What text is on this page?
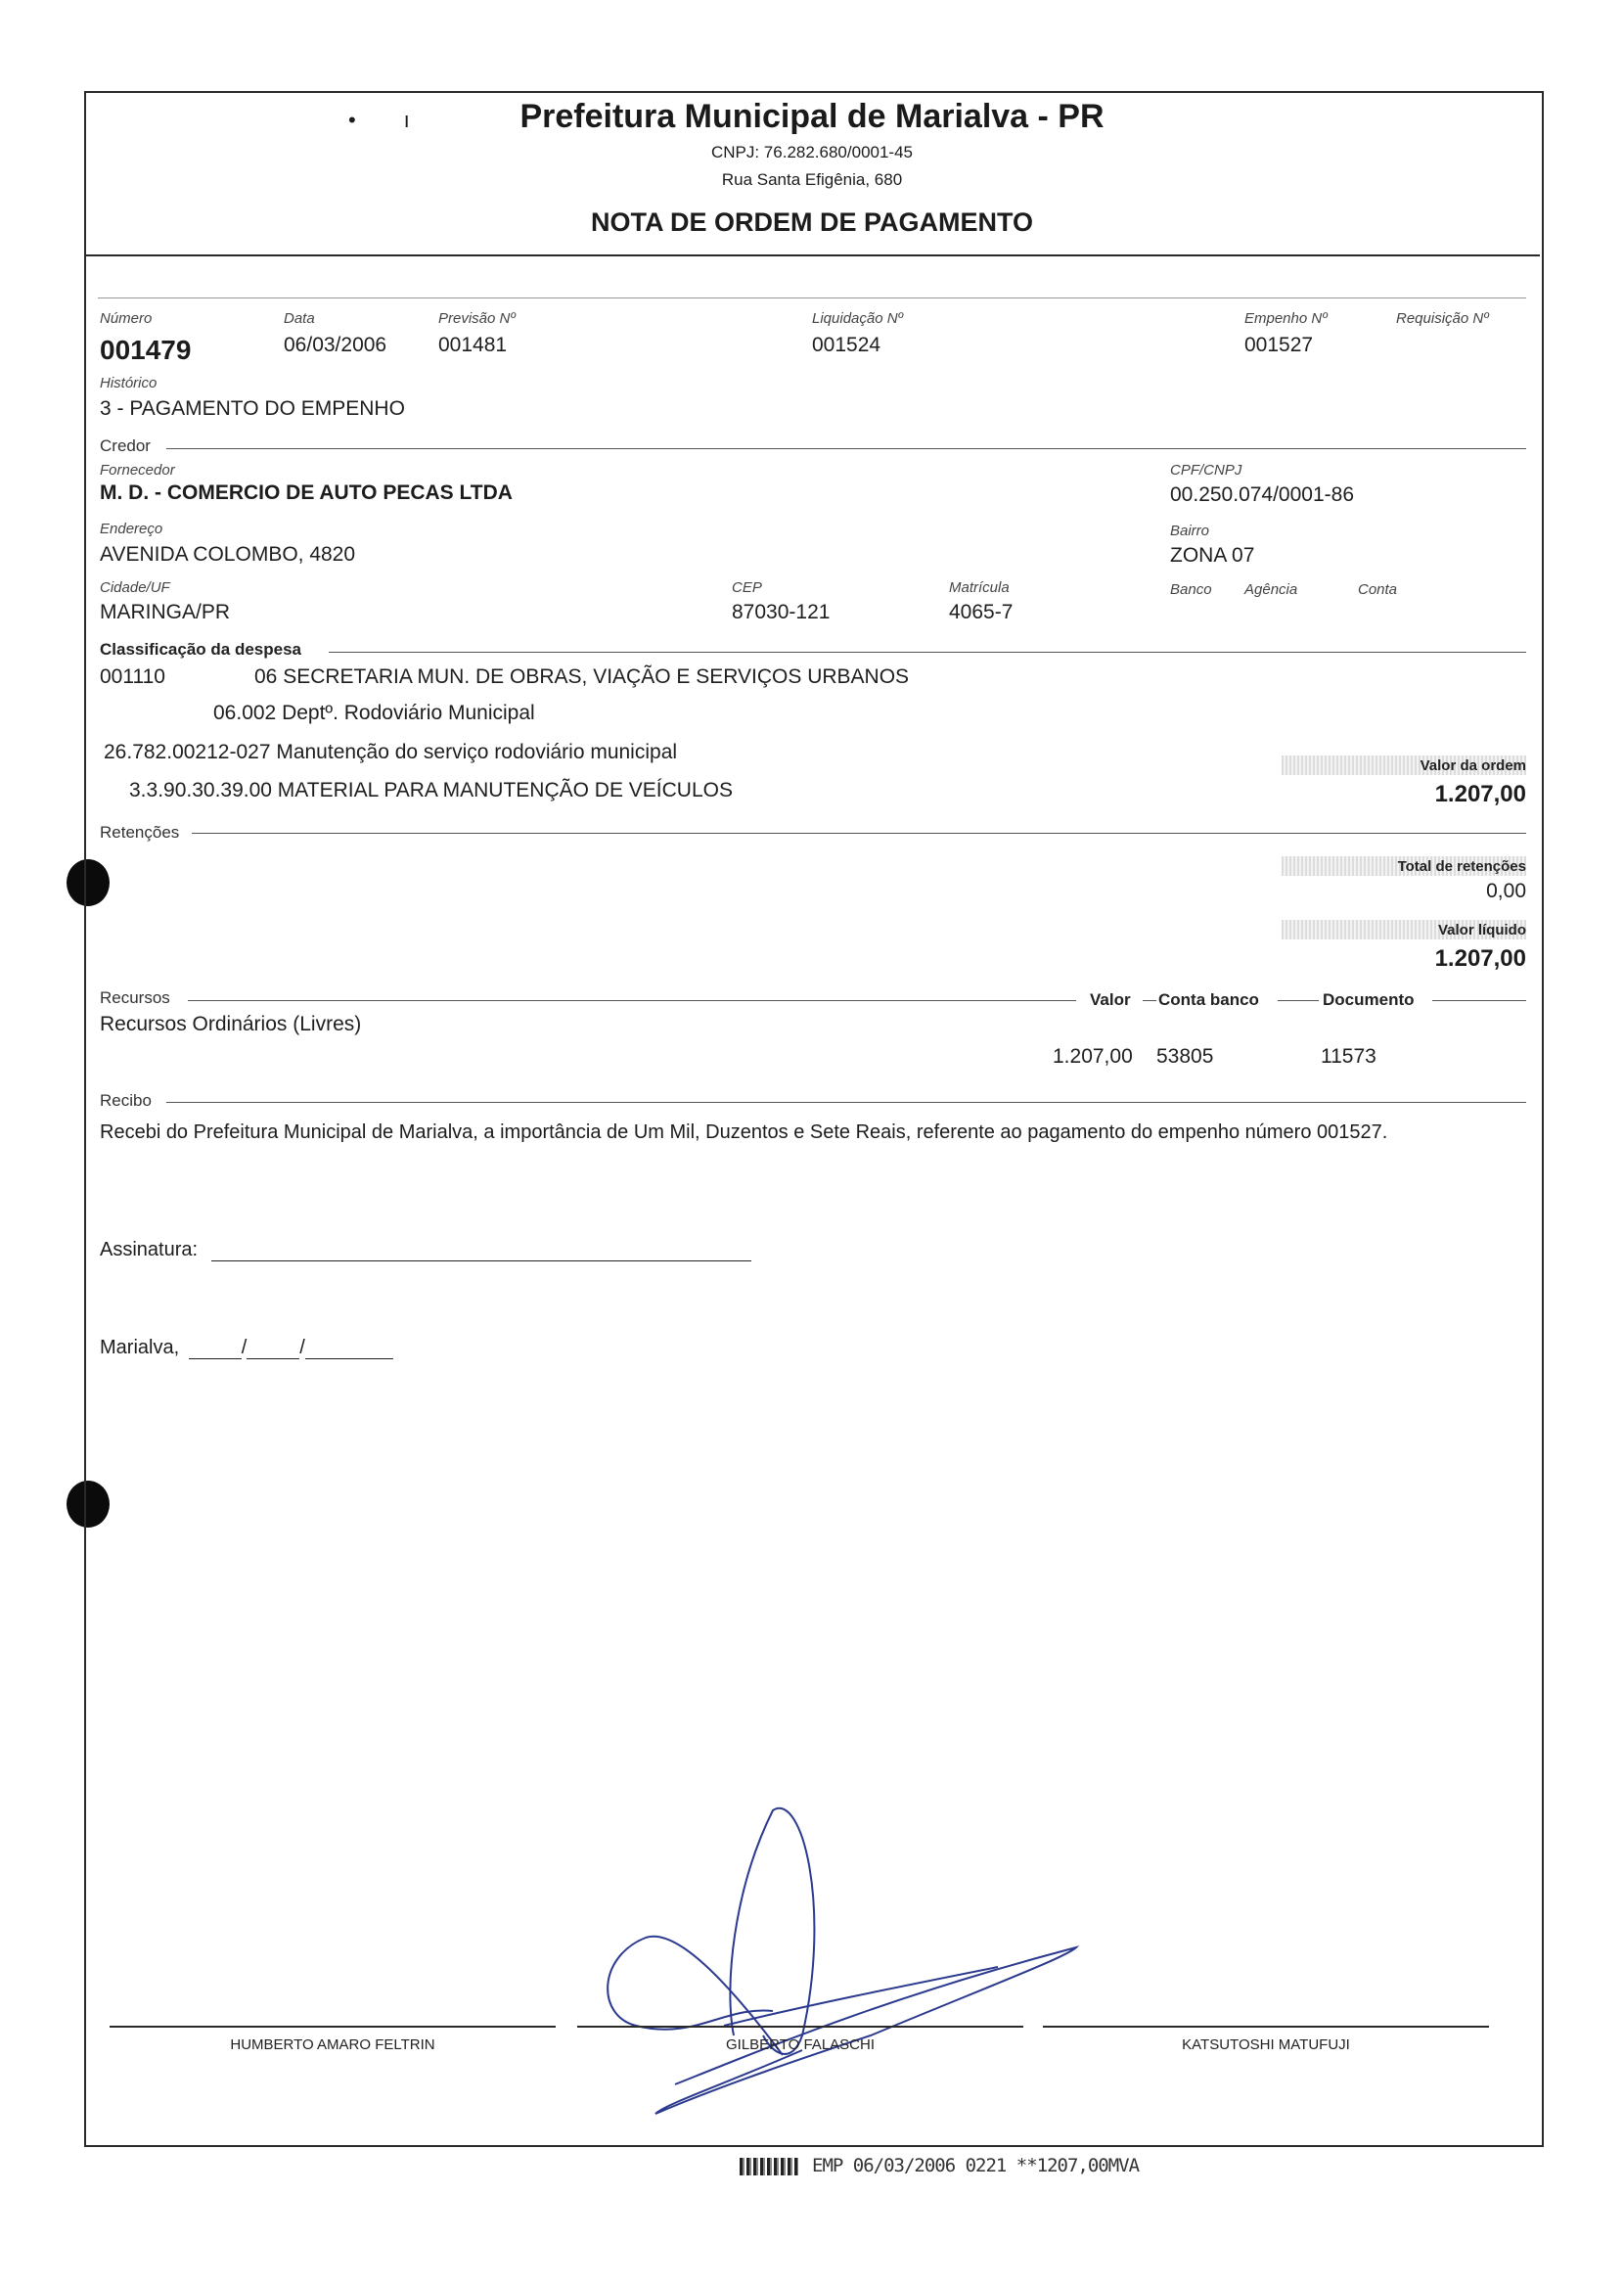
•        ı	Prefeitura Municipal de Marialva - PR
CNPJ: 76.282.680/0001-45
Rua Santa Efigênia, 680
NOTA DE ORDEM DE PAGAMENTO
Número
001479
Data
06/03/2006
Previsão Nº
001481
Liquidação Nº
001524
Empenho Nº
001527
Requisição Nº
Histórico
3 - PAGAMENTO DO EMPENHO
Credor
Fornecedor
M. D. - COMERCIO DE AUTO PECAS LTDA
CPF/CNPJ
00.250.074/0001-86
Endereço
AVENIDA COLOMBO, 4820
Bairro
ZONA 07
Cidade/UF
MARINGA/PR
CEP
87030-121
Matrícula
4065-7
Banco Agência	Conta
Classificação da despesa
001110	06 SECRETARIA MUN. DE OBRAS, VIAÇÃO E SERVIÇOS URBANOS
06.002 Deptº. Rodoviário Municipal
26.782.00212-027 Manutenção do serviço rodoviário municipal
3.3.90.30.39.00 MATERIAL PARA MANUTENÇÃO DE VEÍCULOS
Valor da ordem
1.207,00
Retenções
Total de retenções
0,00
Valor líquido
1.207,00
Recursos	Valor Conta banco	Documento
Recursos Ordinários (Livres)
1.207,00 53805	11573
Recibo
Recebi do Prefeitura Municipal de Marialva, a importância de Um Mil, Duzentos e Sete Reais, referente ao pagamento do empenho número 001527.
Assinatura:
Marialva,	/	/
HUMBERTO AMARO FELTRIN	GILBERTO FALASCHI	KATSUTOSHI MATUFUJI
EMP 06/03/2006 0221 **1207,00MVA
